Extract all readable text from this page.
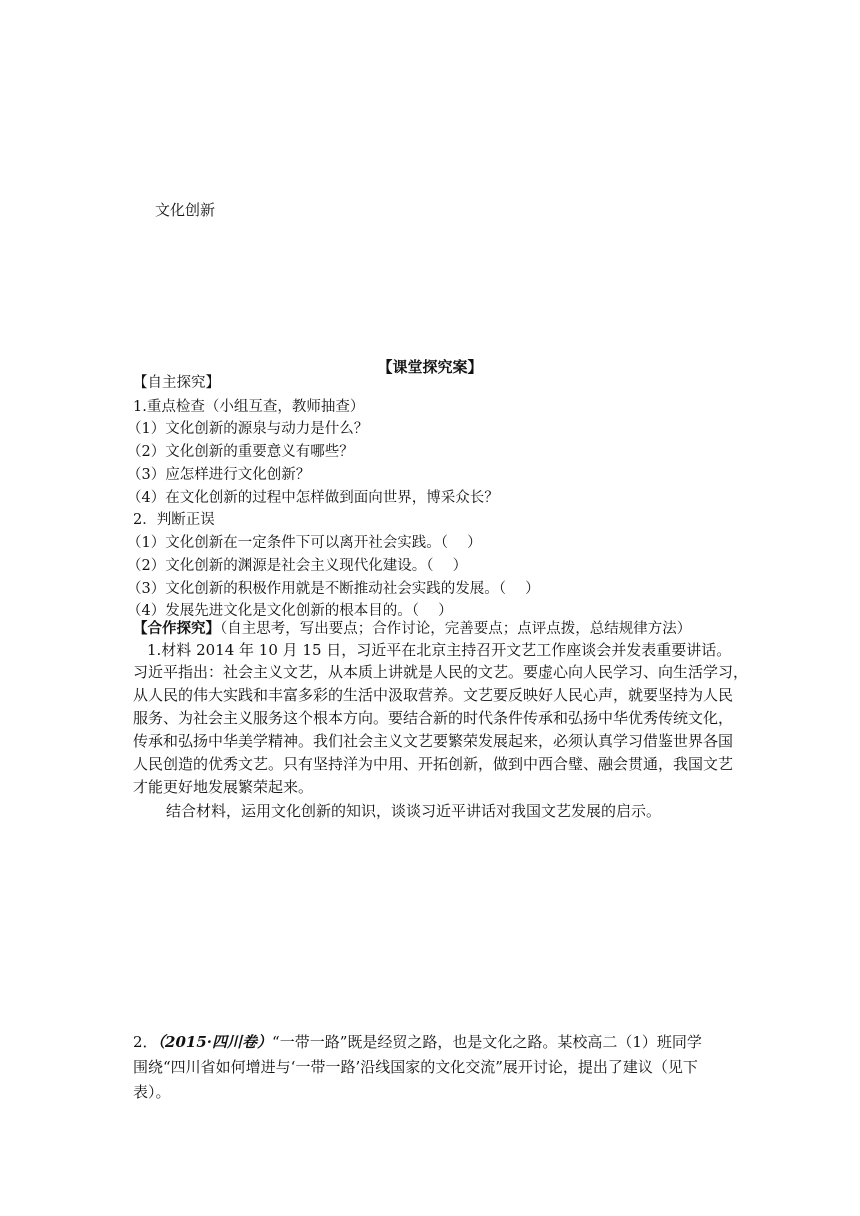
文化创新
【课堂探究案】
【自主探究】
1.重点检查（小组互查，教师抽查）
（1）文化创新的源泉与动力是什么？
（2）文化创新的重要意义有哪些？
（3）应怎样进行文化创新？
（4）在文化创新的过程中怎样做到面向世界，博采众长？
2．判断正误
（1）文化创新在一定条件下可以离开社会实践。（　 ）
（2）文化创新的渊源是社会主义现代化建设。（　 ）
（3）文化创新的积极作用就是不断推动社会实践的发展。（　 ）
（4）发展先进文化是文化创新的根本目的。（　 ）
【合作探究】（自主思考，写出要点；合作讨论，完善要点；点评点拨，总结规律方法）
1.材料 2014 年 10 月 15 日，习近平在北京主持召开文艺工作座谈会并发表重要讲话。
习近平指出：社会主义文艺，从本质上讲就是人民的文艺。要虚心向人民学习、向生活学习，
从人民的伟大实践和丰富多彩的生活中汲取营养。文艺要反映好人民心声，就要坚持为人民
服务、为社会主义服务这个根本方向。要结合新的时代条件传承和弘扬中华优秀传统文化，
传承和弘扬中华美学精神。我们社会主义文艺要繁荣发展起来，必须认真学习借鉴世界各国
人民创造的优秀文艺。只有坚持洋为中用、开拓创新，做到中西合璧、融会贯通，我国文艺
才能更好地发展繁荣起来。
结合材料，运用文化创新的知识，谈谈习近平讲话对我国文艺发展的启示。
2．（2015·四川卷）“一带一路”既是经贸之路，也是文化之路。某校高二（1）班同学
围绕“四川省如何增进与‘一带一路’沿线国家的文化交流”展开讨论，提出了建议（见下
表）。
